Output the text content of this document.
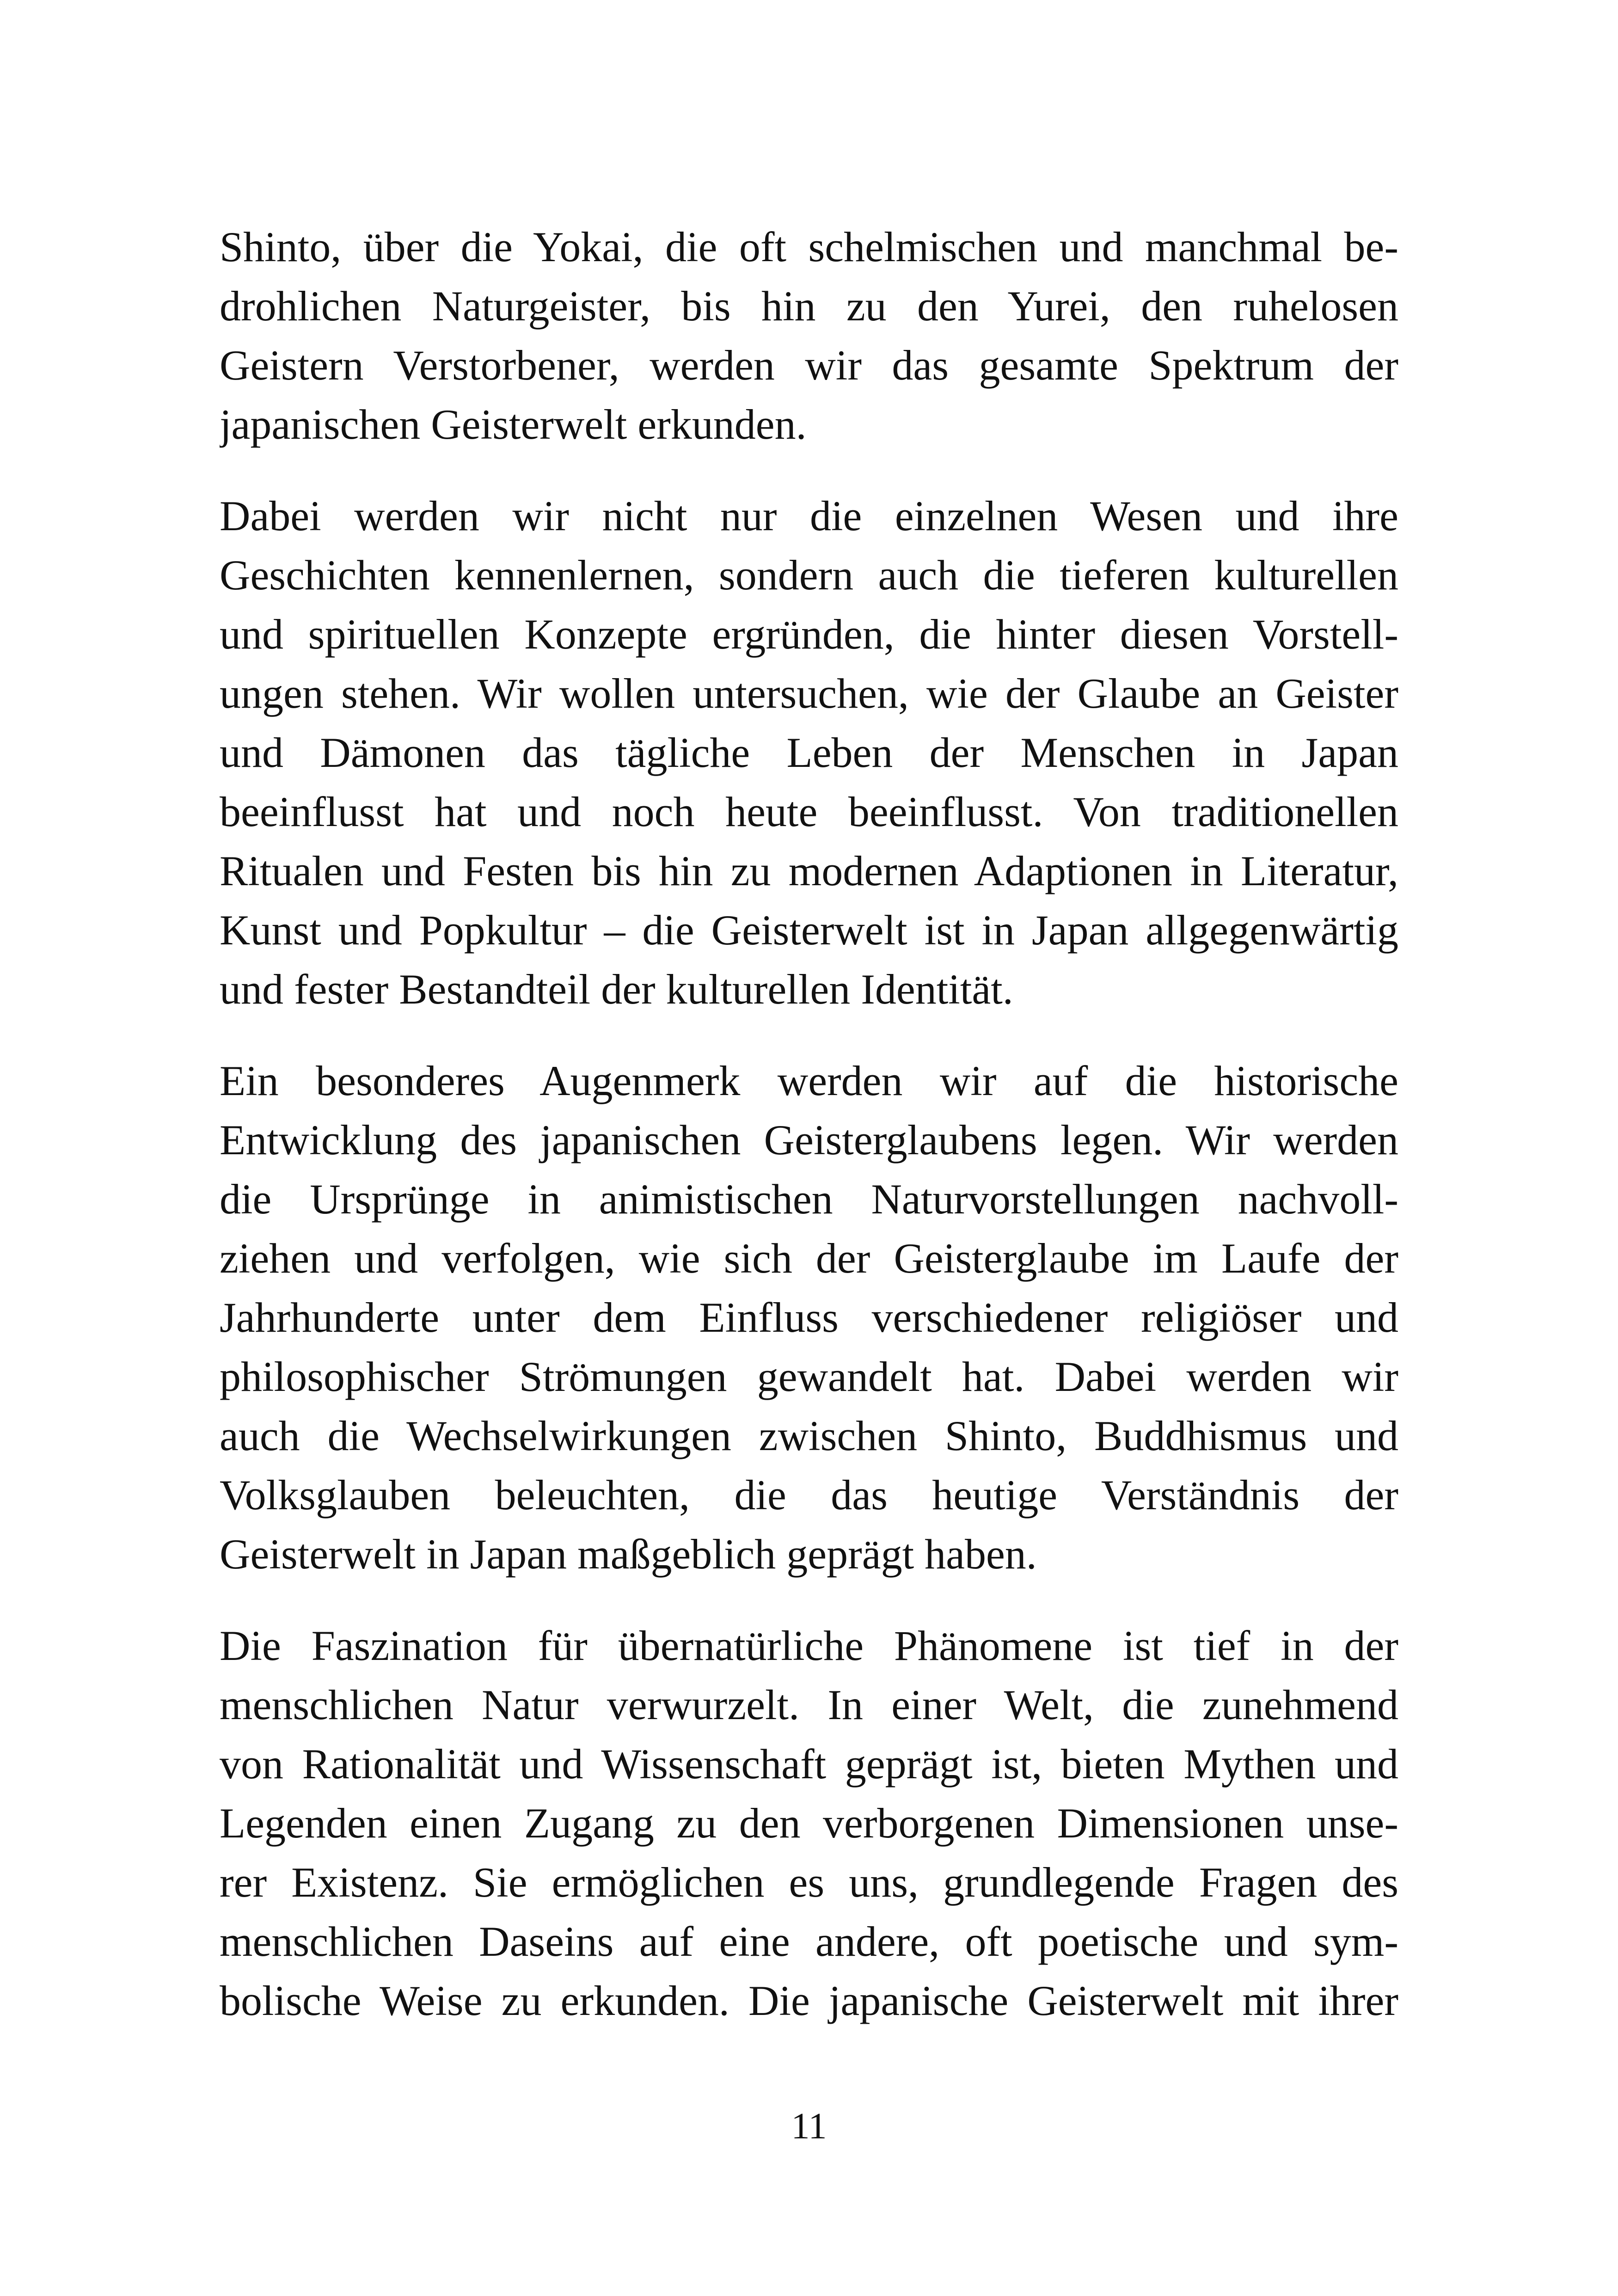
Shinto, über die Yokai, die oft schelmischen und manchmal be-
drohlichen Naturgeister, bis hin zu den Yurei, den ruhelosen
Geistern Verstorbener, werden wir das gesamte Spektrum der
japanischen Geisterwelt erkunden.
Dabei werden wir nicht nur die einzelnen Wesen und ihre
Geschichten kennenlernen, sondern auch die tieferen kulturellen
und spirituellen Konzepte ergründen, die hinter diesen Vorstell-
ungen stehen. Wir wollen untersuchen, wie der Glaube an Geister
und Dämonen das tägliche Leben der Menschen in Japan
beeinflusst hat und noch heute beeinflusst. Von traditionellen
Ritualen und Festen bis hin zu modernen Adaptionen in Literatur,
Kunst und Popkultur – die Geisterwelt ist in Japan allgegenwärtig
und fester Bestandteil der kulturellen Identität.
Ein besonderes Augenmerk werden wir auf die historische
Entwicklung des japanischen Geisterglaubens legen. Wir werden
die Ursprünge in animistischen Naturvorstellungen nachvoll-
ziehen und verfolgen, wie sich der Geisterglaube im Laufe der
Jahrhunderte unter dem Einfluss verschiedener religiöser und
philosophischer Strömungen gewandelt hat. Dabei werden wir
auch die Wechselwirkungen zwischen Shinto, Buddhismus und
Volksglauben beleuchten, die das heutige Verständnis der
Geisterwelt in Japan maßgeblich geprägt haben.
Die Faszination für übernatürliche Phänomene ist tief in der
menschlichen Natur verwurzelt. In einer Welt, die zunehmend
von Rationalität und Wissenschaft geprägt ist, bieten Mythen und
Legenden einen Zugang zu den verborgenen Dimensionen unse-
rer Existenz. Sie ermöglichen es uns, grundlegende Fragen des
menschlichen Daseins auf eine andere, oft poetische und sym-
bolische Weise zu erkunden. Die japanische Geisterwelt mit ihrer
11
